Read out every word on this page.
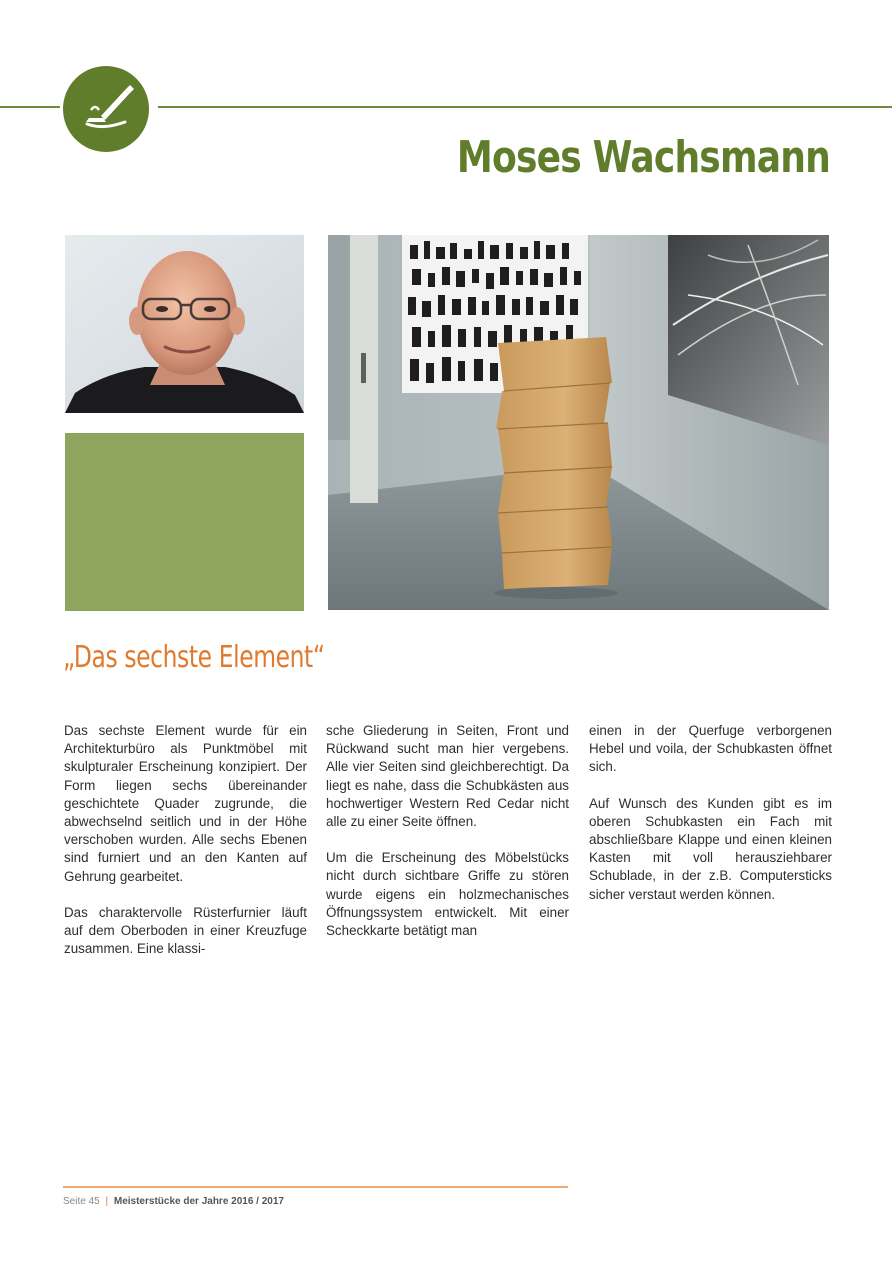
Moses Wachsmann
„Das sechste Element“

Das sechste Element wurde für ein Architekturbüro als Punktmöbel mit skulpturaler Erscheinung konzipiert. Der Form liegen sechs übereinander geschichtete Quader zugrunde, die abwechselnd seitlich und in der Höhe verschoben wurden. Alle sechs Ebenen sind furniert und an den Kanten auf Gehrung gearbeitet.

Das charaktervolle Rüsterfurnier läuft auf dem Oberboden in einer Kreuzfuge zusammen. Eine klassi-

sche Gliederung in Seiten, Front und Rückwand sucht man hier vergebens. Alle vier Seiten sind gleichberechtigt. Da liegt es nahe, dass die Schubkästen aus hochwertiger Western Red Cedar nicht alle zu einer Seite öffnen.

Um die Erscheinung des Möbelstücks nicht durch sichtbare Griffe zu stören wurde eigens ein holzmechanisches Öffnungssystem entwickelt. Mit einer Scheckkarte betätigt man

einen in der Querfuge verborgenen Hebel und voila, der Schubkasten öffnet sich.

Auf Wunsch des Kunden gibt es im oberen Schubkasten ein Fach mit abschließbare Klappe und einen kleinen Kasten mit voll herausziehbarer Schublade, in der z.B. Computersticks sicher verstaut werden können.

Seite 45 | Meisterstücke der Jahre 2016 / 2017
